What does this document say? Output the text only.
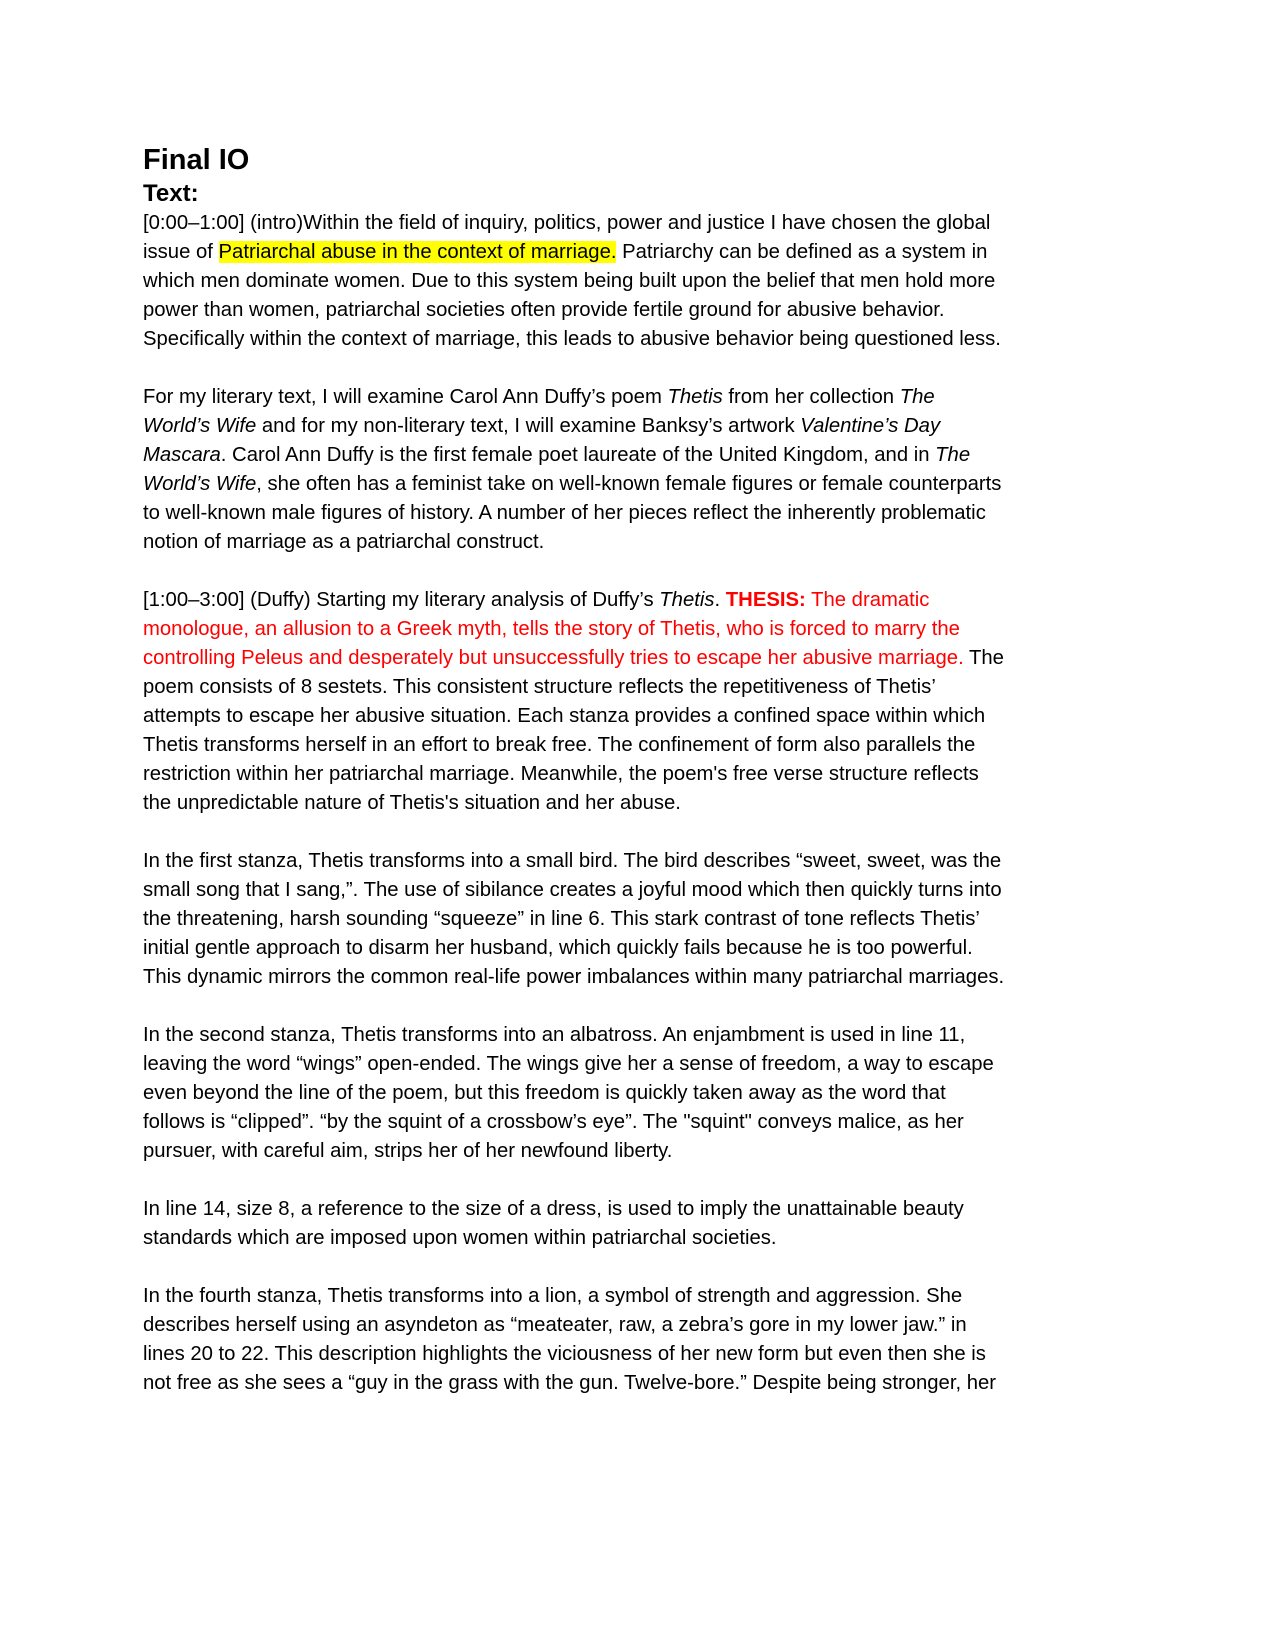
Final IO
Text:
[0:00–1:00] (intro)Within the field of inquiry, politics, power and justice I have chosen the global
issue of Patriarchal abuse in the context of marriage. Patriarchy can be defined as a system in
which men dominate women. Due to this system being built upon the belief that men hold more
power than women, patriarchal societies often provide fertile ground for abusive behavior.
Specifically within the context of marriage, this leads to abusive behavior being questioned less.
For my literary text, I will examine Carol Ann Duffy’s poem Thetis from her collection The
World’s Wife and for my non-literary text, I will examine Banksy’s artwork Valentine’s Day
Mascara. Carol Ann Duffy is the first female poet laureate of the United Kingdom, and in The
World’s Wife, she often has a feminist take on well-known female figures or female counterparts
to well-known male figures of history. A number of her pieces reflect the inherently problematic
notion of marriage as a patriarchal construct.
[1:00–3:00] (Duffy) Starting my literary analysis of Duffy’s Thetis. THESIS: The dramatic
monologue, an allusion to a Greek myth, tells the story of Thetis, who is forced to marry the
controlling Peleus and desperately but unsuccessfully tries to escape her abusive marriage. The
poem consists of 8 sestets. This consistent structure reflects the repetitiveness of Thetis’
attempts to escape her abusive situation. Each stanza provides a confined space within which
Thetis transforms herself in an effort to break free. The confinement of form also parallels the
restriction within her patriarchal marriage. Meanwhile, the poem's free verse structure reflects
the unpredictable nature of Thetis's situation and her abuse.
In the first stanza, Thetis transforms into a small bird. The bird describes “sweet, sweet, was the
small song that I sang,”. The use of sibilance creates a joyful mood which then quickly turns into
the threatening, harsh sounding “squeeze” in line 6. This stark contrast of tone reflects Thetis’
initial gentle approach to disarm her husband, which quickly fails because he is too powerful.
This dynamic mirrors the common real-life power imbalances within many patriarchal marriages.
In the second stanza, Thetis transforms into an albatross. An enjambment is used in line 11,
leaving the word “wings” open-ended. The wings give her a sense of freedom, a way to escape
even beyond the line of the poem, but this freedom is quickly taken away as the word that
follows is “clipped”. “by the squint of a crossbow’s eye”. The "squint" conveys malice, as her
pursuer, with careful aim, strips her of her newfound liberty.
In line 14, size 8, a reference to the size of a dress, is used to imply the unattainable beauty
standards which are imposed upon women within patriarchal societies.
In the fourth stanza, Thetis transforms into a lion, a symbol of strength and aggression. She
describes herself using an asyndeton as “meateater, raw, a zebra’s gore in my lower jaw.” in
lines 20 to 22. This description highlights the viciousness of her new form but even then she is
not free as she sees a “guy in the grass with the gun. Twelve-bore.” Despite being stronger, her
